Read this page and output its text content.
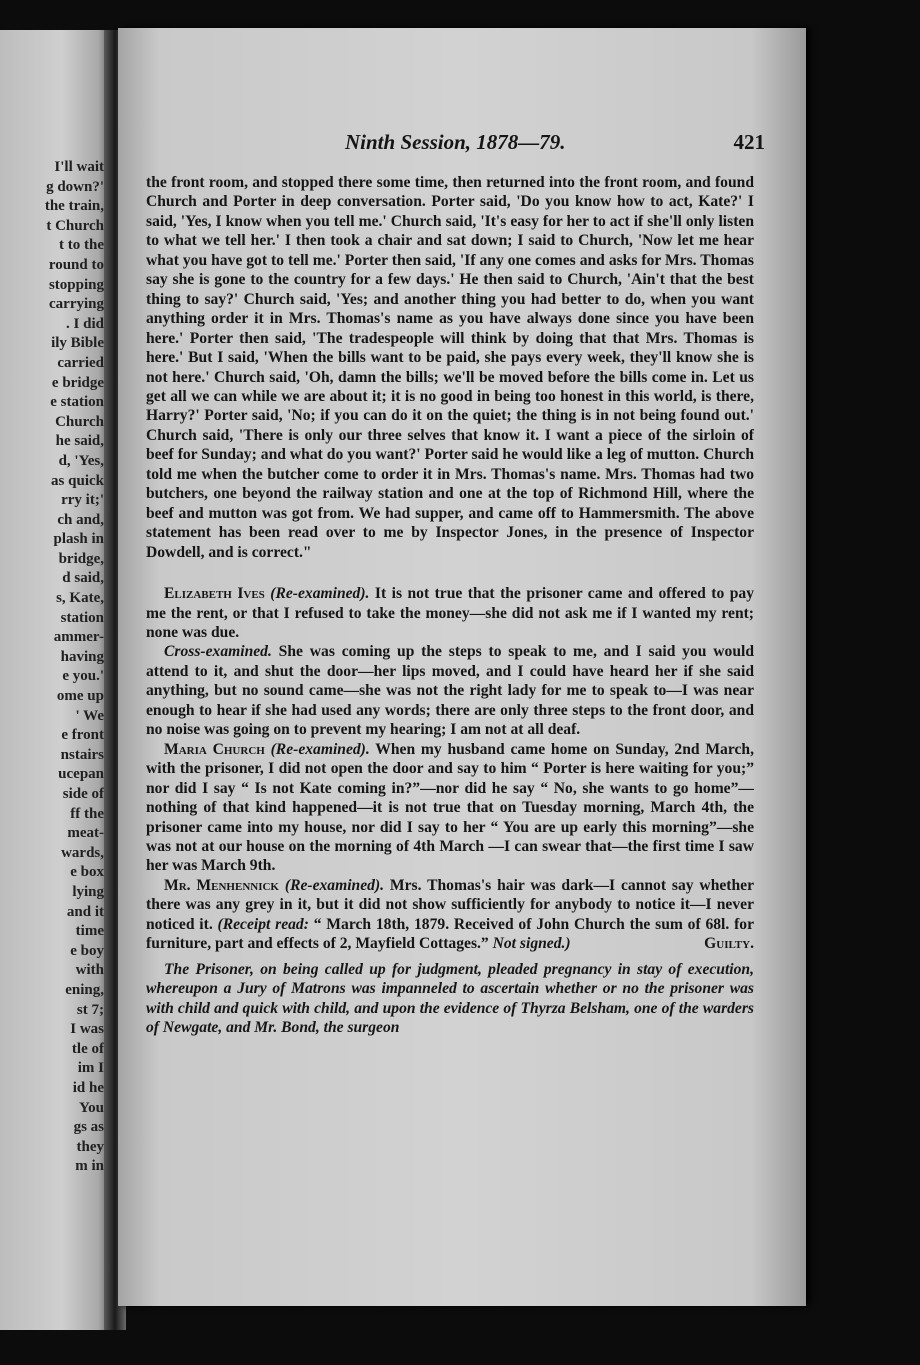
I'll wait
g down?'
the train,
t Church
t to the
round to
stopping
carrying
. I did
ily Bible
carried
e bridge
e station
Church
he said,
d, 'Yes,
as quick
rry it;'
ch and,
plash in
bridge,
d said,
s, Kate,
station
ammer-
having
e you.'
ome up
' We
e front
nstairs
ucepan
side of
ff the
meat-
wards,
e box
lying
and it
time
e boy
with
ening,
st 7;
I was
tle of
im I
id he
You
gs as
they
m in
Ninth Session, 1878—79.	421

the front room, and stopped there some time, then returned into the front room, and found Church and Porter in deep conversation. Porter said, 'Do you know how to act, Kate?' I said, 'Yes, I know when you tell me.' Church said, 'It's easy for her to act if she'll only listen to what we tell her.' I then took a chair and sat down; I said to Church, 'Now let me hear what you have got to tell me.' Porter then said, 'If any one comes and asks for Mrs. Thomas say she is gone to the country for a few days.' He then said to Church, 'Ain't that the best thing to say?' Church said, 'Yes; and another thing you had better to do, when you want anything order it in Mrs. Thomas's name as you have always done since you have been here.' Porter then said, 'The tradespeople will think by doing that that Mrs. Thomas is here.' But I said, 'When the bills want to be paid, she pays every week, they'll know she is not here.' Church said, 'Oh, damn the bills; we'll be moved before the bills come in. Let us get all we can while we are about it; it is no good in being too honest in this world, is there, Harry?' Porter said, 'No; if you can do it on the quiet; the thing is in not being found out.' Church said, 'There is only our three selves that know it. I want a piece of the sirloin of beef for Sunday; and what do you want?' Porter said he would like a leg of mutton. Church told me when the butcher come to order it in Mrs. Thomas's name. Mrs. Thomas had two butchers, one beyond the railway station and one at the top of Richmond Hill, where the beef and mutton was got from. We had supper, and came off to Hammersmith. The above statement has been read over to me by Inspector Jones, in the presence of Inspector Dowdell, and is correct."

Elizabeth Ives (Re-examined). It is not true that the prisoner came and offered to pay me the rent, or that I refused to take the money—she did not ask me if I wanted my rent; none was due.

Cross-examined. She was coming up the steps to speak to me, and I said you would attend to it, and shut the door—her lips moved, and I could have heard her if she said anything, but no sound came—she was not the right lady for me to speak to—I was near enough to hear if she had used any words; there are only three steps to the front door, and no noise was going on to prevent my hearing; I am not at all deaf.

Maria Church (Re-examined). When my husband came home on Sunday, 2nd March, with the prisoner, I did not open the door and say to him “ Porter is here waiting for you;” nor did I say “ Is not Kate coming in?”—nor did he say “ No, she wants to go home”—nothing of that kind happened—it is not true that on Tuesday morning, March 4th, the prisoner came into my house, nor did I say to her “ You are up early this morning”—she was not at our house on the morning of 4th March —I can swear that—the first time I saw her was March 9th.

Mr. Menhennick (Re-examined). Mrs. Thomas's hair was dark—I cannot say whether there was any grey in it, but it did not show sufficiently for anybody to notice it—I never noticed it. (Receipt read: “ March 18th, 1879. Received of John Church the sum of 68l. for furniture, part and effects of 2, Mayfield Cottages.” Not signed.)	Guilty.

The Prisoner, on being called up for judgment, pleaded pregnancy in stay of execution, whereupon a Jury of Matrons was impanneled to ascertain whether or no the prisoner was with child and quick with child, and upon the evidence of Thyrza Belsham, one of the warders of Newgate, and Mr. Bond, the surgeon
